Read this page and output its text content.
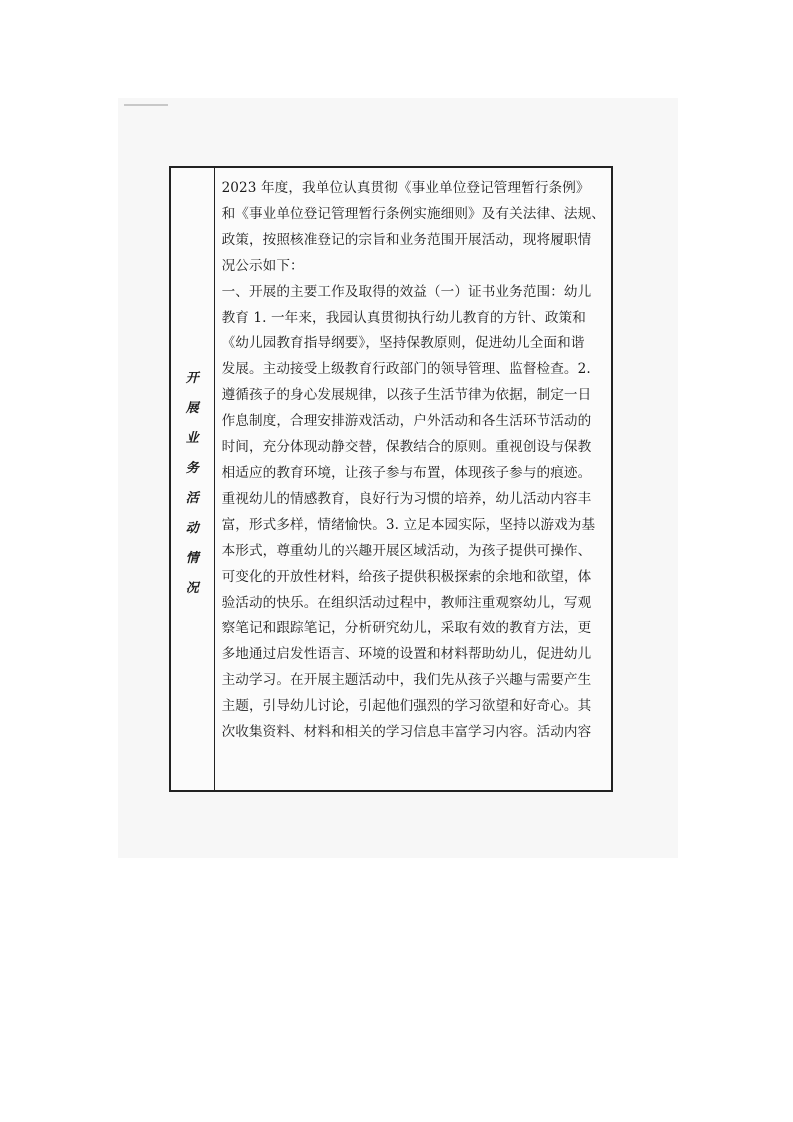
开
展
业
务
活
动
情
况
2023 年度，我单位认真贯彻《事业单位登记管理暂行条例》
和《事业单位登记管理暂行条例实施细则》及有关法律、法规、
政策，按照核准登记的宗旨和业务范围开展活动，现将履职情
况公示如下：
一、开展的主要工作及取得的效益（一）证书业务范围：幼儿
教育 1. 一年来，我园认真贯彻执行幼儿教育的方针、政策和
《幼儿园教育指导纲要》，坚持保教原则，促进幼儿全面和谐
发展。主动接受上级教育行政部门的领导管理、监督检查。2.
遵循孩子的身心发展规律，以孩子生活节律为依据，制定一日
作息制度，合理安排游戏活动，户外活动和各生活环节活动的
时间，充分体现动静交替，保教结合的原则。重视创设与保教
相适应的教育环境，让孩子参与布置，体现孩子参与的痕迹。
重视幼儿的情感教育，良好行为习惯的培养，幼儿活动内容丰
富，形式多样，情绪愉快。3. 立足本园实际，坚持以游戏为基
本形式，尊重幼儿的兴趣开展区域活动，为孩子提供可操作、
可变化的开放性材料，给孩子提供积极探索的余地和欲望，体
验活动的快乐。在组织活动过程中，教师注重观察幼儿，写观
察笔记和跟踪笔记，分析研究幼儿，采取有效的教育方法，更
多地通过启发性语言、环境的设置和材料帮助幼儿，促进幼儿
主动学习。在开展主题活动中，我们先从孩子兴趣与需要产生
主题，引导幼儿讨论，引起他们强烈的学习欲望和好奇心。其
次收集资料、材料和相关的学习信息丰富学习内容。活动内容
